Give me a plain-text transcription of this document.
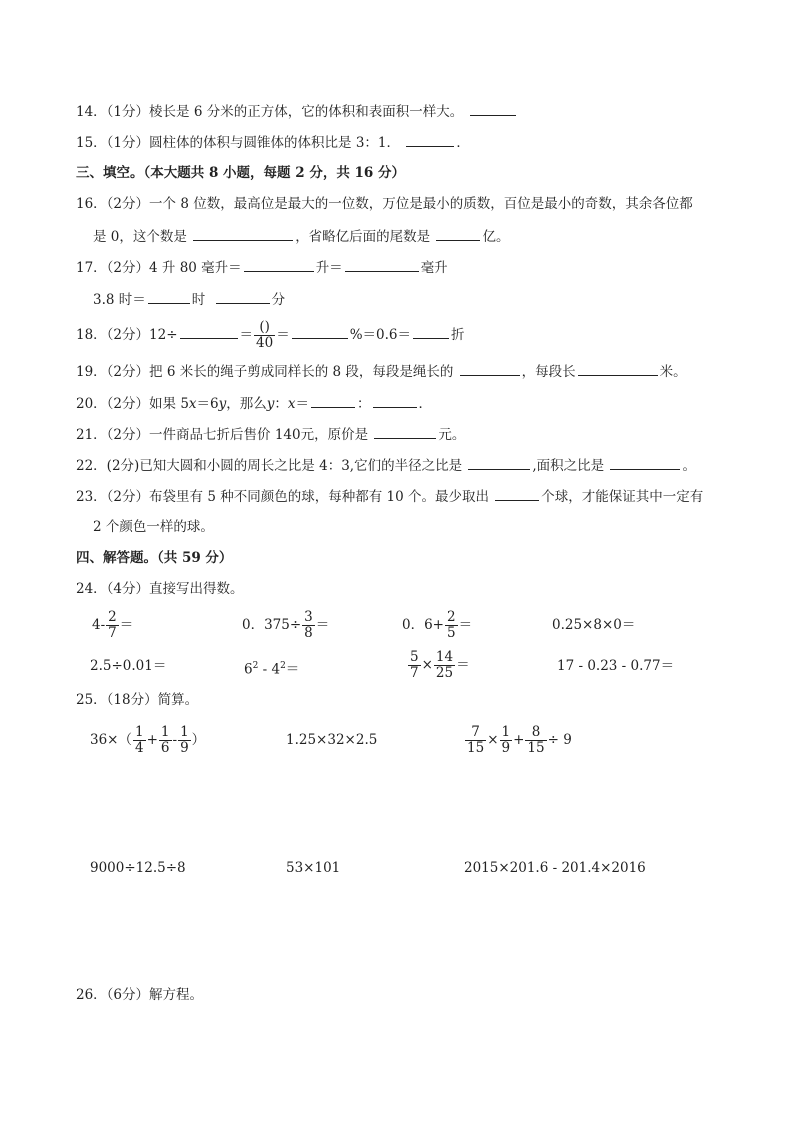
14．（1分）棱长是 6 分米的正方体，它的体积和表面积一样大。
15．（1分）圆柱体的体积与圆锥体的体积比是 3：1．	．
三、填空。（本大题共 8 小题，每题 2 分，共 16 分）
16．（2分）一个 8 位数，最高位是最大的一位数，万位是最小的质数，百位是最小的奇数，其余各位都
是 0，这个数是	，省略亿后面的尾数是	亿。
17．（2分）4 升 80 毫升＝	升＝	毫升
3.8 时＝	时	分
18．（2分）12÷	＝ $\frac{()}{40}$ ＝	%＝0.6＝	折
19．（2分）把 6 米长的绳子剪成同样长的 8 段，每段是绳长的	，每段长	米。
20．（2分）如果 5x＝6y，那么y：x＝	：	．
21．（2分）一件商品七折后售价 140元，原价是	元。
22．(2分)已知大圆和小圆的周长之比是 4：3,它们的半径之比是	,面积之比是	。
23．（2分）布袋里有 5 种不同颜色的球，每种都有 10 个。最少取出	个球，才能保证其中一定有
2 个颜色一样的球。
四、解答题。（共 59 分）
24．（4分）直接写出得数。
$4- \frac{2}{7}$ ＝	0．$375\div \frac{3}{8}$ ＝	0．$6+ \frac{2}{5}$ ＝	0.25×8×0＝
2.5÷0.01＝	$6^2 - 4^2=$	$\frac{5}{7} \times \frac{14}{25}$ ＝	17 - 0.23 - 0.77＝
25．（18分）简算。
$36\times( \frac{1}{4} + \frac{1}{6} - \frac{1}{9}$ ）	1.25×32×2.5	$\frac{7}{15} \times \frac{1}{9} + \frac{8}{15} \div 9$
9000÷12.5÷8	53×101	2015×201.6 - 201.4×2016
26．（6分）解方程。
